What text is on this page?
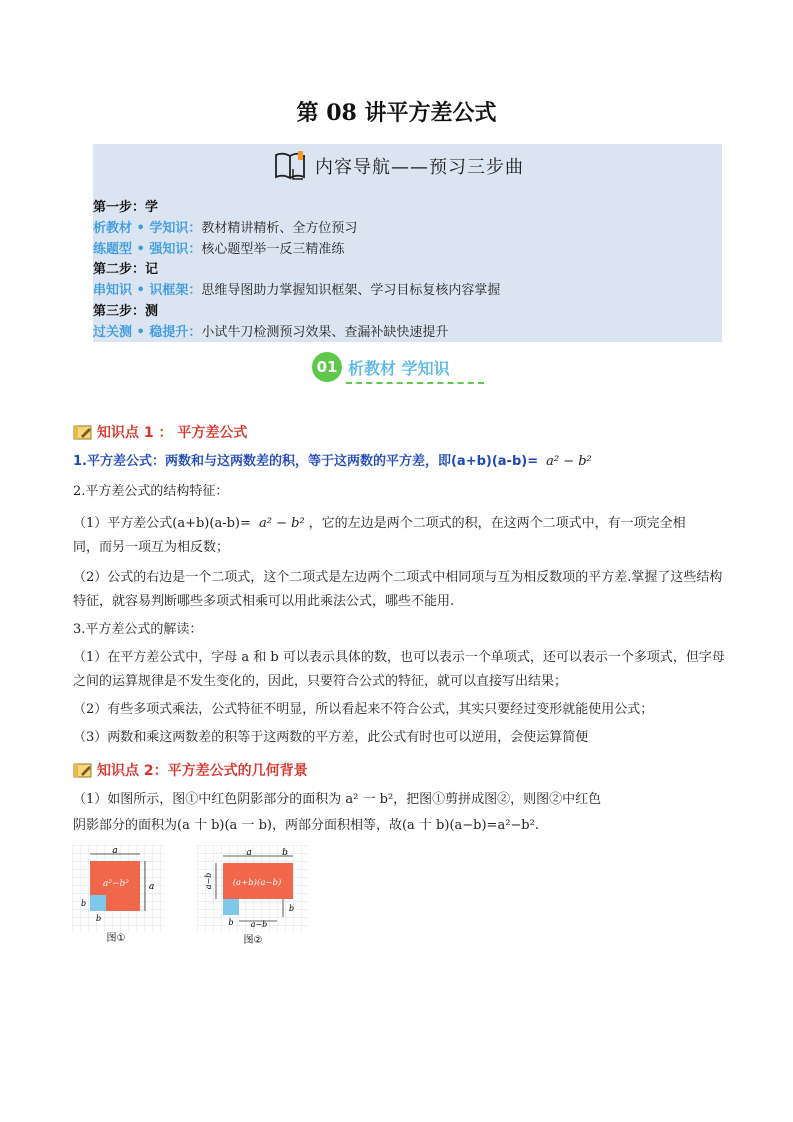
第 08 讲平方差公式
内容导航——预习三步曲
第一步：学
析教材 • 学知识：教材精讲精析、全方位预习
练题型 • 强知识：核心题型举一反三精准练
第二步：记
串知识 • 识框架：思维导图助力掌握知识框架、学习目标复核内容掌握
第三步：测
过关测 • 稳提升：小试牛刀检测预习效果、查漏补缺快速提升
01 析教材 学知识
知识点 1 ： 平方差公式
1.平方差公式：两数和与这两数差的积，等于这两数的平方差，即(a+b)(a-b)= a² − b²
2.平方差公式的结构特征：
（1）平方差公式(a+b)(a-b)= a² − b² ，它的左边是两个二项式的积，在这两个二项式中，有一项完全相
同，而另一项互为相反数；
（2）公式的右边是一个二项式，这个二项式是左边两个二项式中相同项与互为相反数项的平方差.掌握了这些结构特征，就容易判断哪些多项式相乘可以用此乘法公式，哪些不能用.
3.平方差公式的解读：
（1）在平方差公式中，字母 a 和 b 可以表示具体的数，也可以表示一个单项式，还可以表示一个多项式，但字母之间的运算规律是不发生变化的，因此，只要符合公式的特征，就可以直接写出结果；
（2）有些多项式乘法，公式特征不明显，所以看起来不符合公式，其实只要经过变形就能使用公式；
（3）两数和乘这两数差的积等于这两数的平方差，此公式有时也可以逆用，会使运算简便
知识点 2：平方差公式的几何背景
（1）如图所示，图①中红色阴影部分的面积为 a² 一 b²，把图①剪拼成图②，则图②中红色
阴影部分的面积为(a 十 b)(a 一 b)，两部分面积相等，故(a 十 b)(a−b)=a²−b².
a
a
a²−b²
b
b
图①
a	b
a−b (a+b)(a−b)
b a−b
b
图②
